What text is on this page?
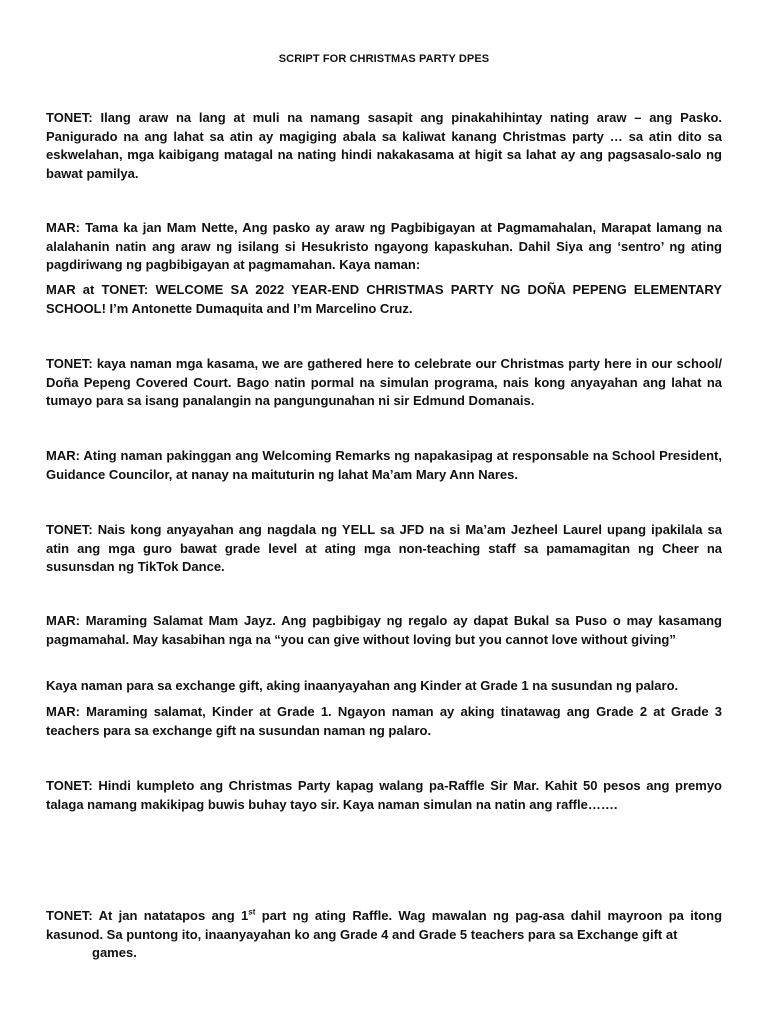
SCRIPT FOR CHRISTMAS PARTY DPES

TONET: Ilang araw na lang at muli na namang sasapit ang pinakahihintay nating araw – ang Pasko. Panigurado na ang lahat sa atin ay magiging abala sa kaliwat kanang Christmas party … sa atin dito sa eskwelahan, mga kaibigang matagal na nating hindi nakakasama at higit sa lahat ay ang pagsasalo-salo ng bawat pamilya.

MAR: Tama ka jan Mam Nette, Ang pasko ay araw ng Pagbibigayan at Pagmamahalan, Marapat lamang na alalahanin natin ang araw ng isilang si Hesukristo ngayong kapaskuhan. Dahil Siya ang ‘sentro’ ng ating pagdiriwang ng pagbibigayan at pagmamahan. Kaya naman:

MAR at TONET: WELCOME SA 2022 YEAR-END CHRISTMAS PARTY NG DOÑA PEPENG ELEMENTARY SCHOOL! I’m Antonette Dumaquita and I’m Marcelino Cruz.

TONET: kaya naman mga kasama, we are gathered here to celebrate our Christmas party here in our school/ Doña Pepeng Covered Court. Bago natin pormal na simulan programa, nais kong anyayahan ang lahat na tumayo para sa isang panalangin na pangungunahan ni sir Edmund Domanais.

MAR: Ating naman pakinggan ang Welcoming Remarks ng napakasipag at responsable na School President, Guidance Councilor, at nanay na maituturin ng lahat Ma’am Mary Ann Nares.

TONET: Nais kong anyayahan ang nagdala ng YELL sa JFD na si Ma’am Jezheel Laurel upang ipakilala sa atin ang mga guro bawat grade level at ating mga non-teaching staff sa pamamagitan ng Cheer na susunsdan ng TikTok Dance.

MAR: Maraming Salamat Mam Jayz. Ang pagbibigay ng regalo ay dapat Bukal sa Puso o may kasamang pagmamahal. May kasabihan nga na “you can give without loving but you cannot love without giving”

Kaya naman para sa exchange gift, aking inaanyayahan ang Kinder at Grade 1 na susundan ng palaro.

MAR: Maraming salamat, Kinder at Grade 1. Ngayon naman ay aking tinatawag ang Grade 2 at Grade 3 teachers para sa exchange gift na susundan naman ng palaro.

TONET: Hindi kumpleto ang Christmas Party kapag walang pa-Raffle Sir Mar. Kahit 50 pesos ang premyo talaga namang makikipag buwis buhay tayo sir. Kaya naman simulan na natin ang raffle…….

TONET: At jan natatapos ang 1st part ng ating Raffle. Wag mawalan ng pag-asa dahil mayroon pa itong kasunod. Sa puntong ito, inaanyayahan ko ang Grade 4 and Grade 5 teachers para sa Exchange gift at
games.
